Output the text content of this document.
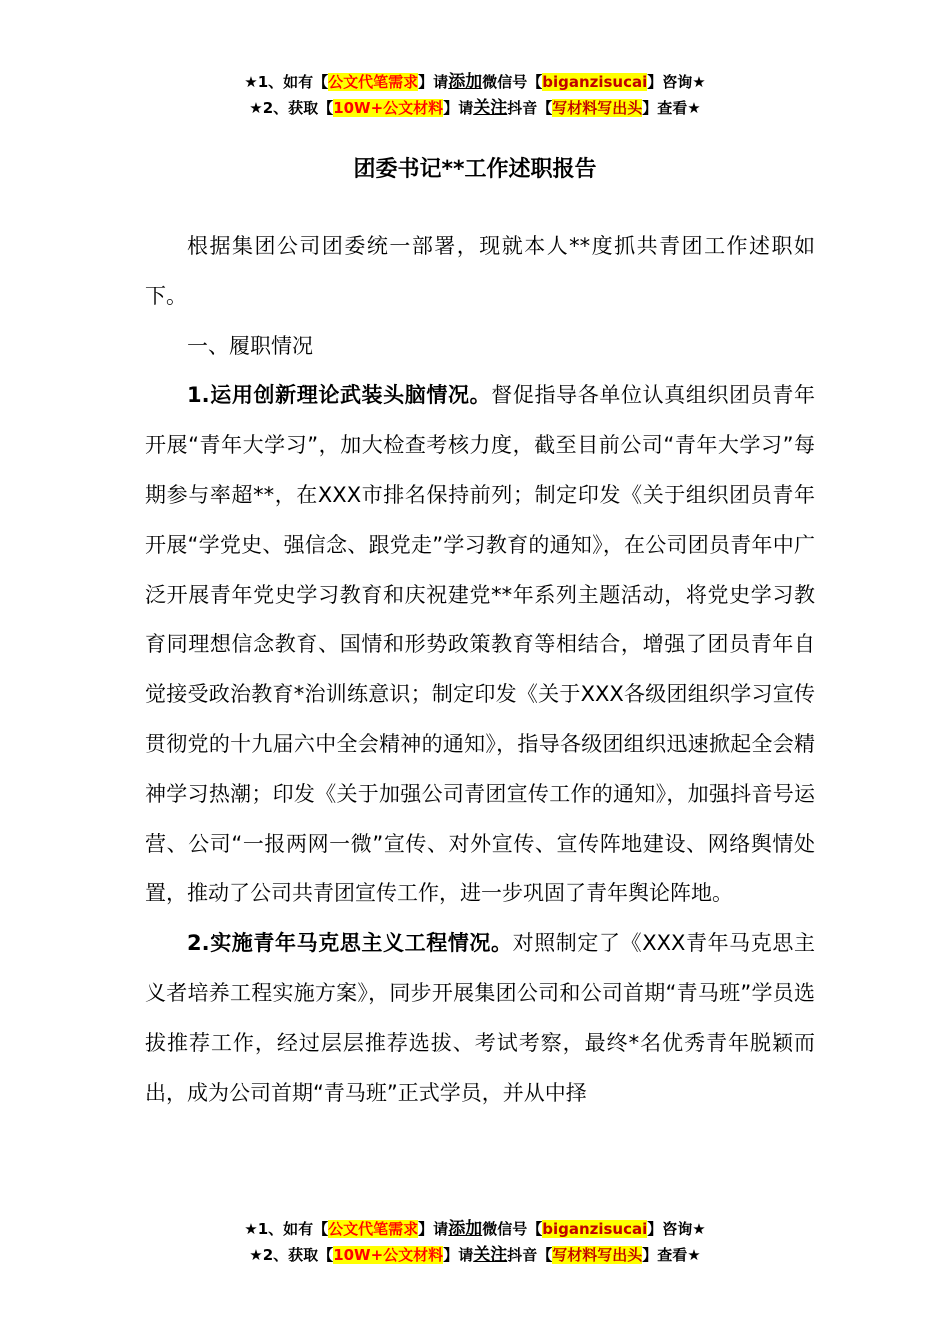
★1、如有【公文代笔需求】请添加微信号【biganzisucai】咨询★
★2、获取【10W+公文材料】请关注抖音【写材料写出头】查看★
团委书记**工作述职报告

根据集团公司团委统一部署，现就本人**度抓共青团工作述职如下。

一、履职情况

1.运用创新理论武装头脑情况。督促指导各单位认真组织团员青年开展“青年大学习”，加大检查考核力度，截至目前公司“青年大学习”每期参与率超**，在XXX市排名保持前列；制定印发《关于组织团员青年开展“学党史、强信念、跟党走”学习教育的通知》，在公司团员青年中广泛开展青年党史学习教育和庆祝建党**年系列主题活动，将党史学习教育同理想信念教育、国情和形势政策教育等相结合，增强了团员青年自觉接受政治教育*治训练意识；制定印发《关于XXX各级团组织学习宣传贯彻党的十九届六中全会精神的通知》，指导各级团组织迅速掀起全会精神学习热潮；印发《关于加强公司青团宣传工作的通知》，加强抖音号运营、公司“一报两网一微”宣传、对外宣传、宣传阵地建设、网络舆情处置，推动了公司共青团宣传工作，进一步巩固了青年舆论阵地。

2.实施青年马克思主义工程情况。对照制定了《XXX青年马克思主义者培养工程实施方案》，同步开展集团公司和公司首期“青马班”学员选拔推荐工作，经过层层推荐选拔、考试考察，最终*名优秀青年脱颖而出，成为公司首期“青马班”正式学员，并从中择

★1、如有【公文代笔需求】请添加微信号【biganzisucai】咨询★
★2、获取【10W+公文材料】请关注抖音【写材料写出头】查看★
